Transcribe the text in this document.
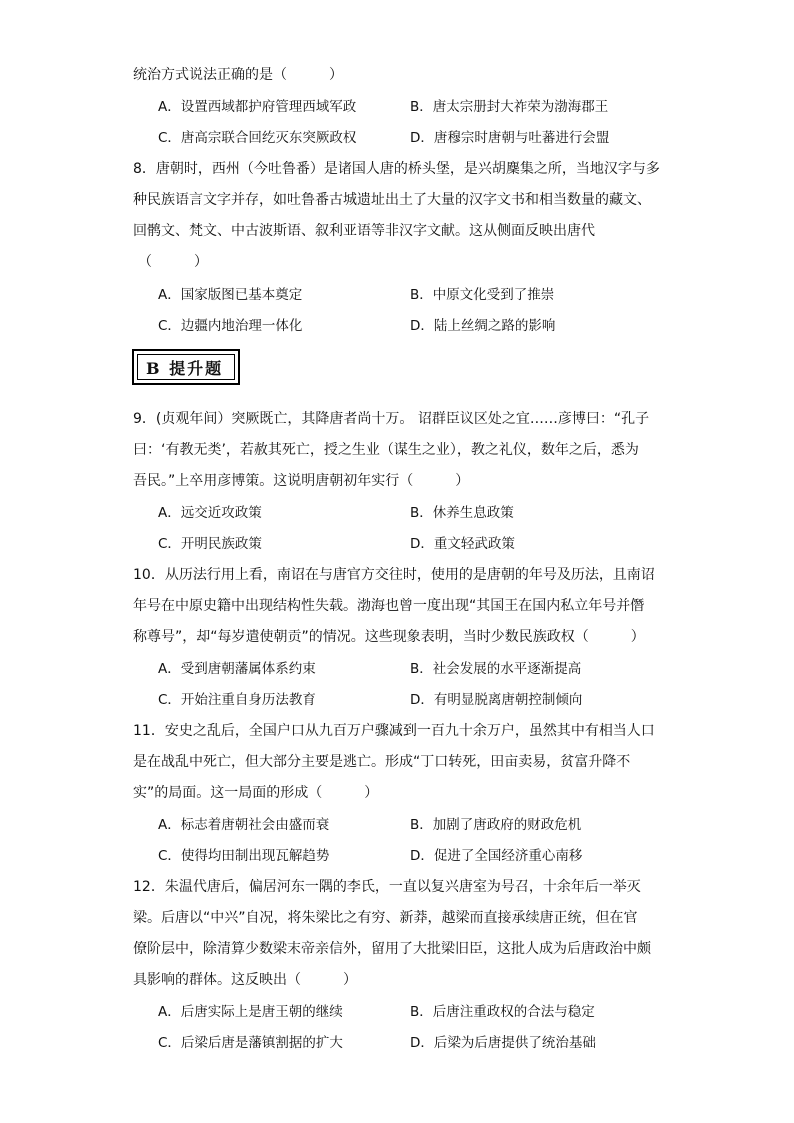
统治方式说法正确的是（　　　）
A．设置西域都护府管理西域军政	B．唐太宗册封大祚荣为渤海郡王
C．唐高宗联合回纥灭东突厥政权	D．唐穆宗时唐朝与吐蕃进行会盟
8．唐朝时，西州（今吐鲁番）是诸国人唐的桥头堡，是兴胡麇集之所，当地汉字与多
种民族语言文字并存，如吐鲁番古城遗址出土了大量的汉字文书和相当数量的藏文、
回鹘文、梵文、中古波斯语、叙利亚语等非汉字文献。这从侧面反映出唐代
（　　　）
A．国家版图已基本奠定	B．中原文化受到了推崇
C．边疆内地治理一体化	D．陆上丝绸之路的影响
B 提升题
9．(贞观年间）突厥既亡，其降唐者尚十万。 诏群臣议区处之宜……彦博曰：“孔子
曰：‘有教无类’，若赦其死亡，授之生业（谋生之业），教之礼仪，数年之后，悉为
吾民。”上卒用彦博策。这说明唐朝初年实行（　　　）
A．远交近攻政策	B．休养生息政策
C．开明民族政策	D．重文轻武政策
10．从历法行用上看，南诏在与唐官方交往时，使用的是唐朝的年号及历法，且南诏
年号在中原史籍中出现结构性失载。渤海也曾一度出现“其国王在国内私立年号并僭
称尊号”，却“每岁遣使朝贡”的情况。这些现象表明，当时少数民族政权（　　　）
A．受到唐朝藩属体系约束	B．社会发展的水平逐渐提高
C．开始注重自身历法教育	D．有明显脱离唐朝控制倾向
11．安史之乱后，全国户口从九百万户骤减到一百九十余万户，虽然其中有相当人口
是在战乱中死亡，但大部分主要是逃亡。形成“丁口转死，田亩卖易，贫富升降不
实”的局面。这一局面的形成（　　　）
A．标志着唐朝社会由盛而衰	B．加剧了唐政府的财政危机
C．使得均田制出现瓦解趋势	D．促进了全国经济重心南移
12．朱温代唐后，偏居河东一隅的李氏，一直以复兴唐室为号召，十余年后一举灭
梁。后唐以“中兴”自况，将朱梁比之有穷、新莽，越梁而直接承续唐正统，但在官
僚阶层中，除清算少数梁末帝亲信外，留用了大批梁旧臣，这批人成为后唐政治中颇
具影响的群体。这反映出（　　　）
A．后唐实际上是唐王朝的继续	B．后唐注重政权的合法与稳定
C．后梁后唐是藩镇割据的扩大	D．后梁为后唐提供了统治基础
